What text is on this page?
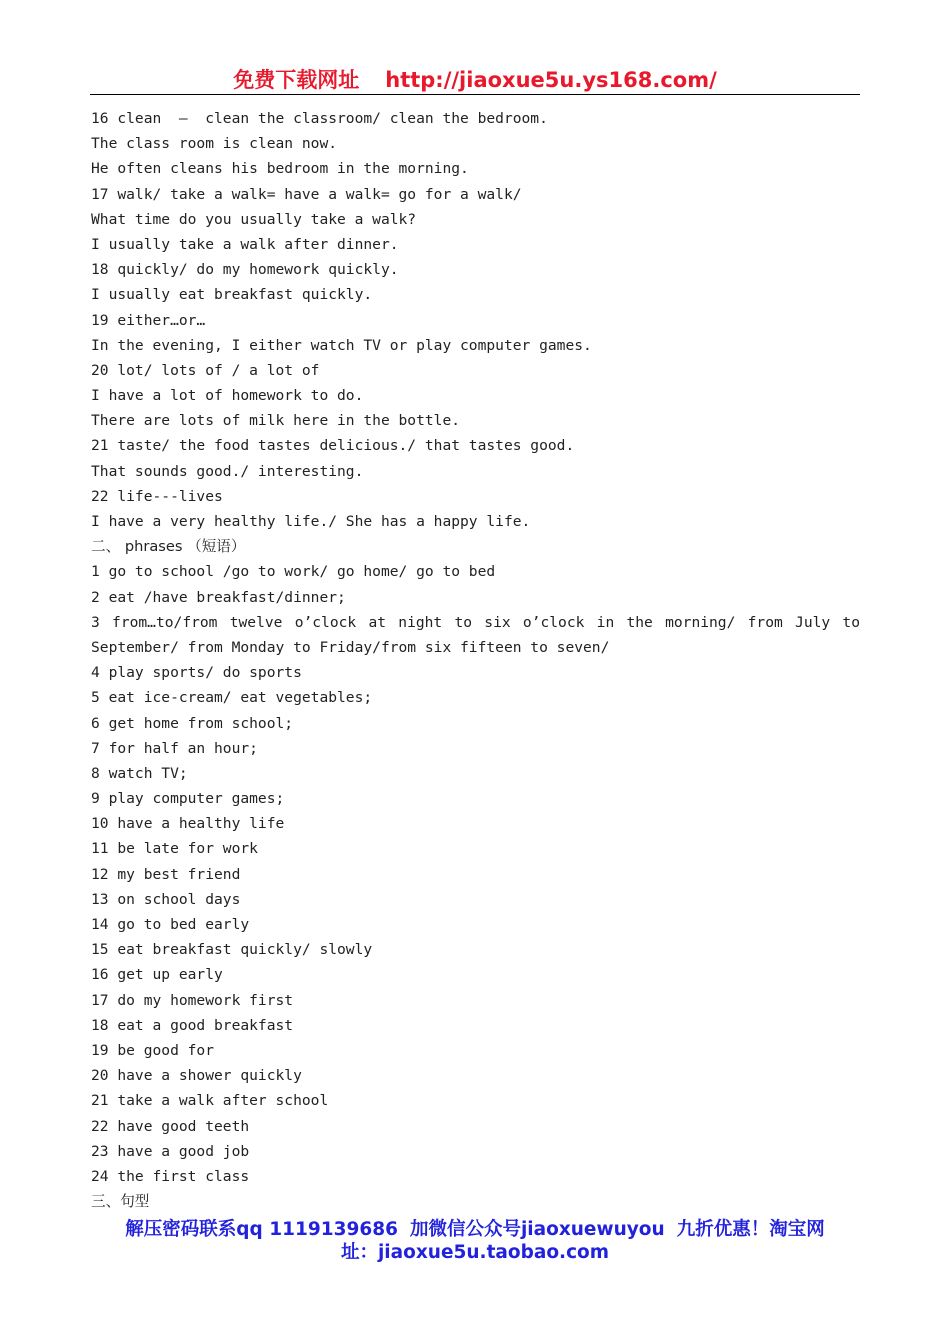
免费下载网址 http://jiaoxue5u.ys168.com/
16 clean  –  clean the classroom/ clean the bedroom.
The class room is clean now.
He often cleans his bedroom in the morning.
17 walk/ take a walk= have a walk= go for a walk/
What time do you usually take a walk?
I usually take a walk after dinner.
18 quickly/ do my homework quickly.
I usually eat breakfast quickly.
19 either…or…
In the evening, I either watch TV or play computer games.
20 lot/ lots of / a lot of
I have a lot of homework to do.
There are lots of milk here in the bottle.
21 taste/ the food tastes delicious./ that tastes good.
That sounds good./ interesting.
22 life---lives
I have a very healthy life./ She has a happy life.
二、 phrases （短语）
1 go to school /go to work/ go home/ go to bed
2 eat /have breakfast/dinner;
3 from…to/from twelve o’clock at night to six o’clock in the morning/ from July to
September/ from Monday to Friday/from six fifteen to seven/
4 play sports/ do sports
5 eat ice-cream/ eat vegetables;
6 get home from school;
7 for half an hour;
8 watch TV;
9 play computer games;
10 have a healthy life
11 be late for work
12 my best friend
13 on school days
14 go to bed early
15 eat breakfast quickly/ slowly
16 get up early
17 do my homework first
18 eat a good breakfast
19 be good for
20 have a shower quickly
21 take a walk after school
22 have good teeth
23 have a good job
24 the first class
三、句型
解压密码联系qq 1119139686 加微信公众号jiaoxuewuyou 九折优惠！淘宝网
址：jiaoxue5u.taobao.com
